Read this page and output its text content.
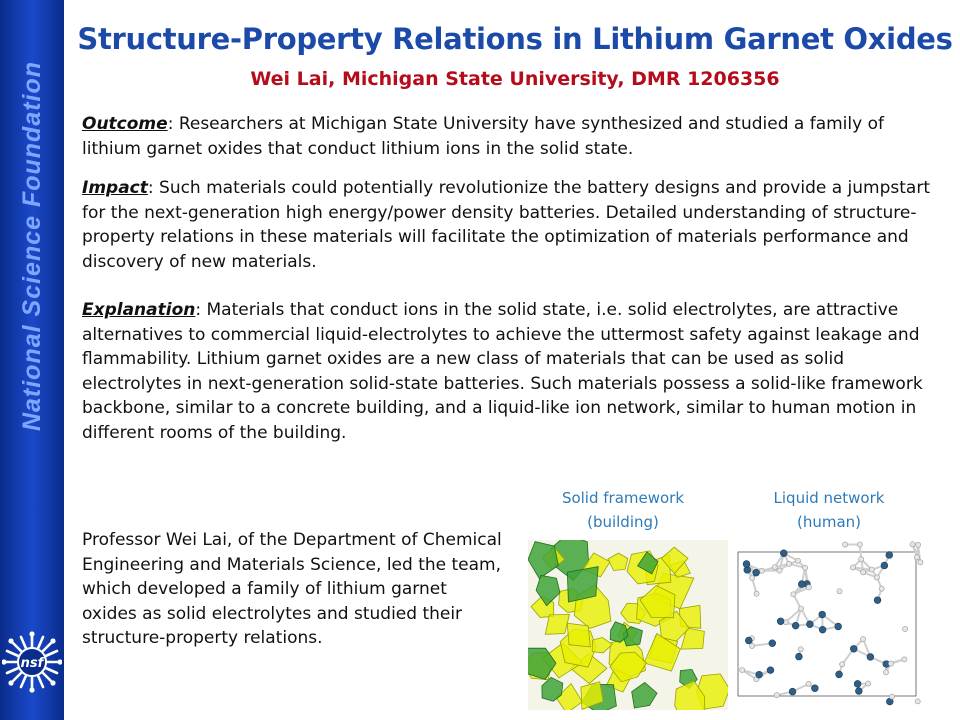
National Science Foundation
nsf
Structure-Property Relations in Lithium Garnet Oxides
Wei Lai, Michigan State University, DMR 1206356
Outcome: Researchers at Michigan State University have synthesized and studied a family of lithium garnet oxides that conduct lithium ions in the solid state.
Impact: Such materials could potentially revolutionize the battery designs and provide a jumpstart for the next-generation high energy/power density batteries. Detailed understanding of structure-property relations in these materials will facilitate the optimization of materials performance and discovery of new materials.
Explanation: Materials that conduct ions in the solid state, i.e. solid electrolytes, are attractive alternatives to commercial liquid-electrolytes to achieve the uttermost safety against leakage and flammability. Lithium garnet oxides are a new class of materials that can be used as solid electrolytes in next-generation solid-state batteries. Such materials possess a solid-like framework backbone, similar to a concrete building, and a liquid-like ion network, similar to human motion in different rooms of the building.
Professor Wei Lai, of the Department of Chemical Engineering and Materials Science, led the team, which developed a family of lithium garnet oxides as solid electrolytes and studied their structure-property relations.
Solid framework
(building)
Liquid network
(human)
